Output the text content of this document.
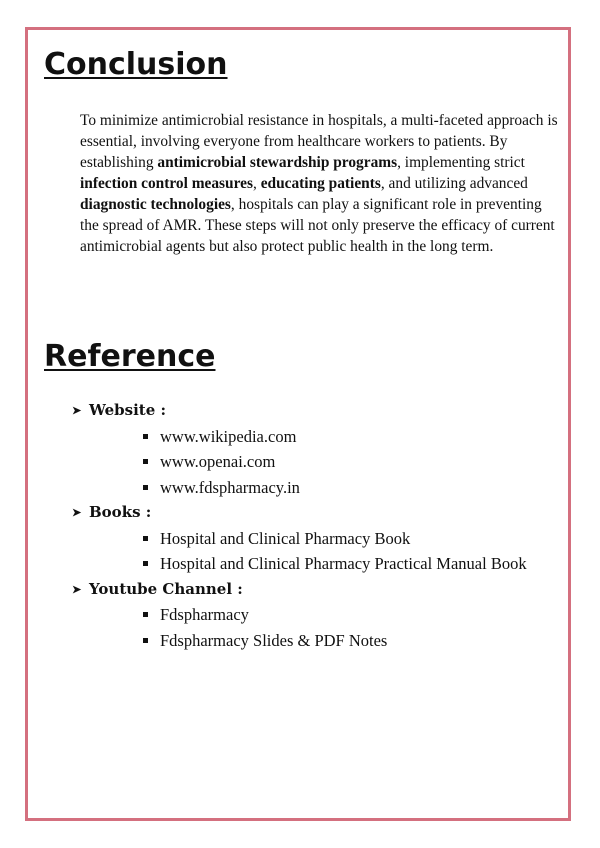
Conclusion

To minimize antimicrobial resistance in hospitals, a multi-faceted approach is essential, involving everyone from healthcare workers to patients. By establishing antimicrobial stewardship programs, implementing strict infection control measures, educating patients, and utilizing advanced diagnostic technologies, hospitals can play a significant role in preventing the spread of AMR. These steps will not only preserve the efficacy of current antimicrobial agents but also protect public health in the long term.

Reference
➤ Website :
www.wikipedia.com
www.openai.com
www.fdspharmacy.in
➤ Books :
Hospital and Clinical Pharmacy Book
Hospital and Clinical Pharmacy Practical Manual Book
➤ Youtube Channel :
Fdspharmacy
Fdspharmacy Slides & PDF Notes
